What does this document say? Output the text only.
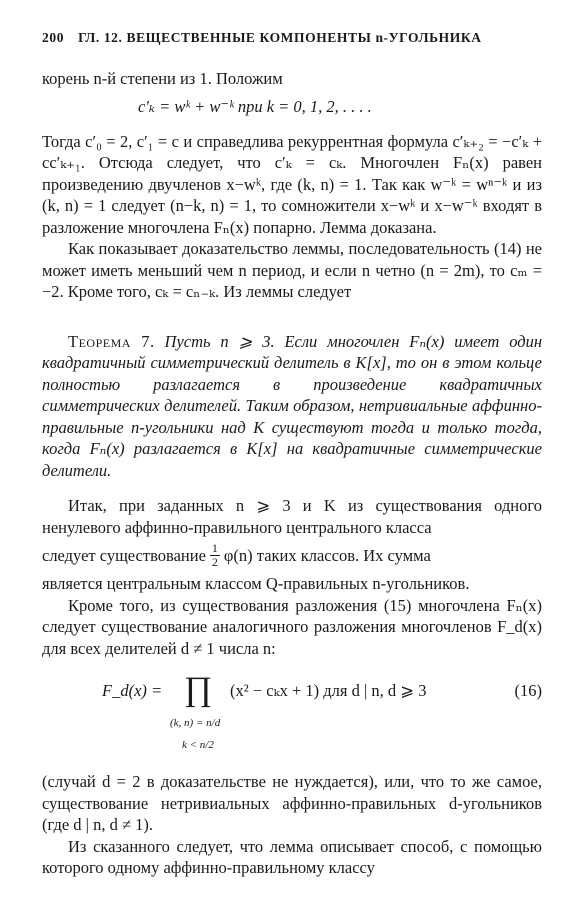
200 ГЛ. 12. ВЕЩЕСТВЕННЫЕ КОМПОНЕНТЫ n-УГОЛЬНИКА

корень n-й степени из 1. Положим

c′ₖ = wᵏ + w⁻ᵏ при k = 0, 1, 2, . . . .

Тогда c′₀ = 2, c′₁ = c и справедлива рекуррентная формула c′ₖ₊₂ = −c′ₖ + cc′ₖ₊₁. Отсюда следует, что c′ₖ = cₖ. Многочлен Fₙ(x) равен произведению двучленов x−wᵏ, где (k, n) = 1. Так как w⁻ᵏ = wⁿ⁻ᵏ и из (k, n) = 1 следует (n−k, n) = 1, то сомножители x−wᵏ и x−w⁻ᵏ входят в разложение многочлена Fₙ(x) попарно. Лемма доказана.

Как показывает доказательство леммы, последовательность (14) не может иметь меньший чем n период, и если n четно (n = 2m), то cₘ = −2. Кроме того, cₖ = cₙ₋ₖ. Из леммы следует

Теорема 7. Пусть n ⩾ 3. Если многочлен Fₙ(x) имеет один квадратичный симметрический делитель в K[x], то он в этом кольце полностью разлагается в произведение квадратичных симметрических делителей. Таким образом, нетривиальные аффинно-правильные n-угольники над K существуют тогда и только тогда, когда Fₙ(x) разлагается в K[x] на квадратичные симметрические делители.

Итак, при заданных n ⩾ 3 и K из существования одного ненулевого аффинно-правильного центрального класса

следует существование $\frac{1}{2} \varphi(n)$ таких классов. Их сумма

является центральным классом Q-правильных n-угольников.

Кроме того, из существования разложения (15) многочлена Fₙ(x) следует существование аналогичного разложения многочленов F_d(x) для всех делителей d ≠ 1 числа n:

F_d(x) = ∏ (x² − cₖx + 1) для d | n, d ⩾ 3
(k, n) = n/d
k < n/2
(16)

(случай d = 2 в доказательстве не нуждается), или, что то же самое, существование нетривиальных аффинно-правильных d-угольников (где d | n, d ≠ 1).

Из сказанного следует, что лемма описывает способ, с помощью которого одному аффинно-правильному классу
